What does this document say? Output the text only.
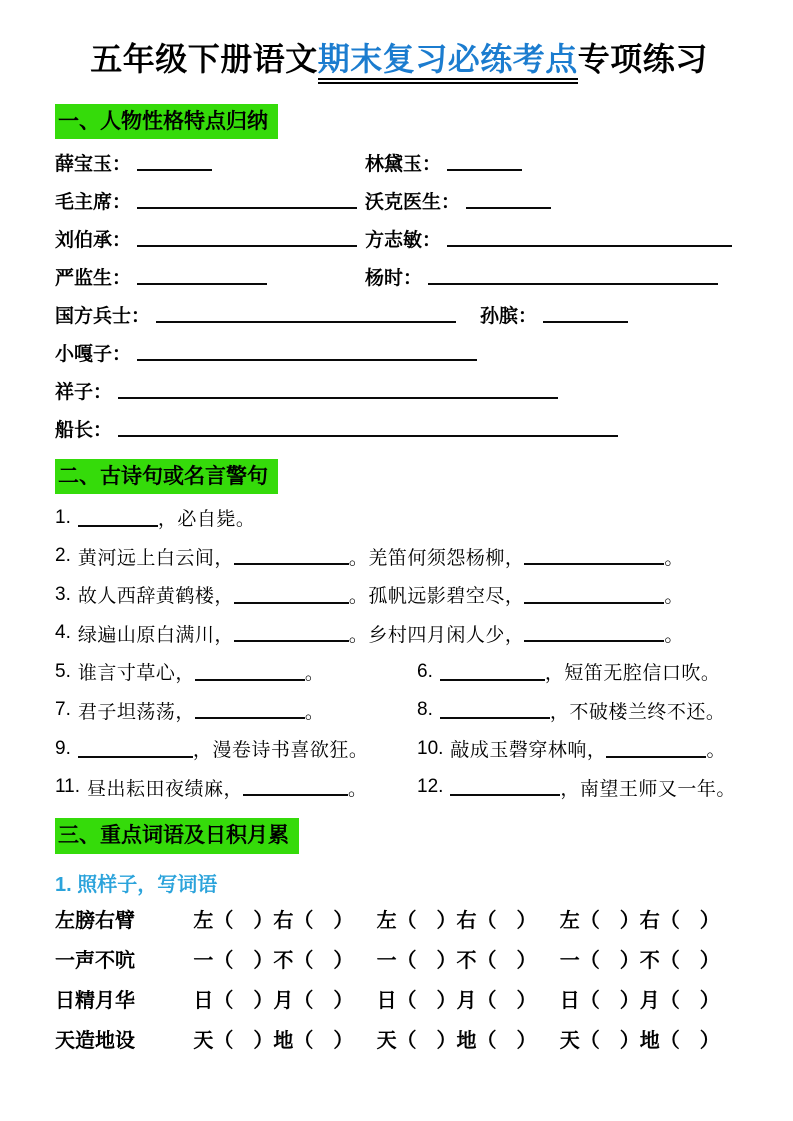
五年级下册语文期末复习必练考点专项练习
一、人物性格特点归纳
薛宝玉：	林黛玉：
毛主席：	沃克医生：
刘伯承：	方志敏：
严监生：	杨时：
国方兵士：	孙膑：
小嘎子：
祥子：
船长：
二、古诗句或名言警句
1.	，必自毙。
2. 黄河远上白云间，	。羌笛何须怨杨柳，	。
3. 故人西辞黄鹤楼，	。孤帆远影碧空尽，	。
4. 绿遍山原白满川，	。乡村四月闲人少，	。
5. 谁言寸草心，	。	6.	，短笛无腔信口吹。
7. 君子坦荡荡，	。	8.	，不破楼兰终不还。
9.	，漫卷诗书喜欲狂。	10. 敲成玉磬穿林响，	。
11. 昼出耘田夜绩麻，	。	12.	，南望王师又一年。
三、重点词语及日积月累
1. 照样子，写词语
左膀右臂	左（　）右（　）	左（　）右（　）	左（　）右（　）
一声不吭	一（　）不（　）	一（　）不（　）	一（　）不（　）
日精月华	日（　）月（　）	日（　）月（　）	日（　）月（　）
天造地设	天（　）地（　）	天（　）地（　）	天（　）地（　）
